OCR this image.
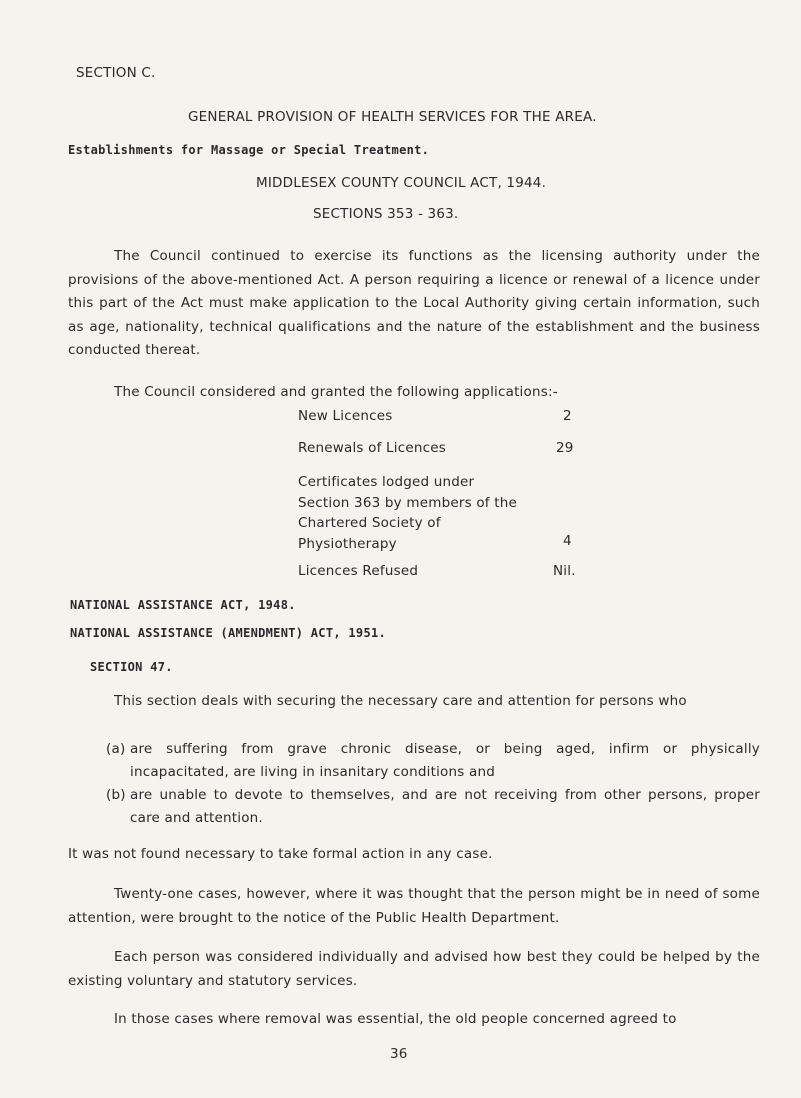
SECTION C.
GENERAL PROVISION OF HEALTH SERVICES FOR THE AREA.
Establishments for Massage or Special Treatment.
MIDDLESEX COUNTY COUNCIL ACT, 1944.
SECTIONS 353 - 363.
The Council continued to exercise its functions as the licensing authority under the provisions of the above-mentioned Act. A person requiring a licence or renewal of a licence under this part of the Act must make application to the Local Authority giving certain information, such as age, nationality, technical qualifications and the nature of the establishment and the business conducted thereat.
The Council considered and granted the following applications:-
New Licences	2
Renewals of Licences	29
Certificates lodged under Section 363 by members of the Chartered Society of Physiotherapy	4
Licences Refused	Nil.
NATIONAL ASSISTANCE ACT, 1948.
NATIONAL ASSISTANCE (AMENDMENT) ACT, 1951.
SECTION 47.
This section deals with securing the necessary care and attention for persons who
(a) are suffering from grave chronic disease, or being aged, infirm or physically incapacitated, are living in insanitary conditions and
(b) are unable to devote to themselves, and are not receiving from other persons, proper care and attention.
It was not found necessary to take formal action in any case.
Twenty-one cases, however, where it was thought that the person might be in need of some attention, were brought to the notice of the Public Health Department.
Each person was considered individually and advised how best they could be helped by the existing voluntary and statutory services.
In those cases where removal was essential, the old people concerned agreed to
36
